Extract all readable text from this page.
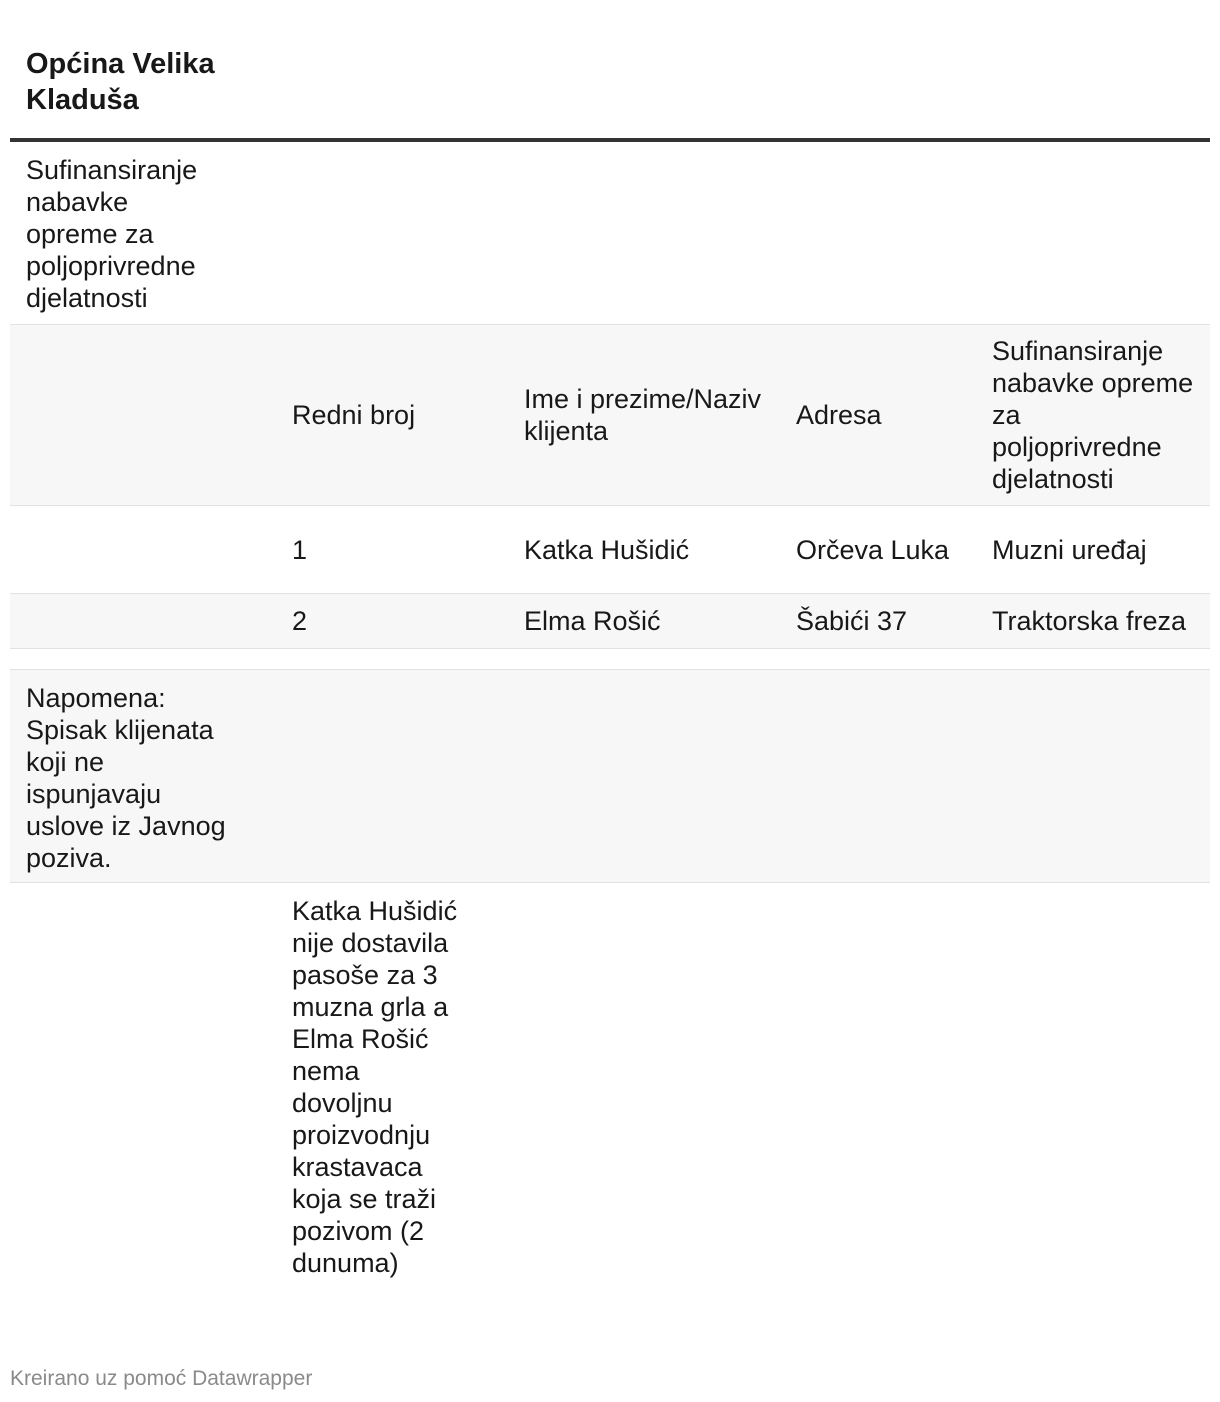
Općina Velika Kladuša				

Sufinansiranje nabavke opreme za poljoprivredne djelatnosti				

	Redni broj	Ime i prezime/Naziv klijenta	Adresa	Sufinansiranje nabavke opreme za poljoprivredne djelatnosti
	1	Katka Hušidić	Orčeva Luka	Muzni uređaj
	2	Elma Rošić	Šabići 37	Traktorska freza

Napomena: Spisak klijenata koji ne ispunjavaju uslove iz Javnog poziva.				

	Katka Hušidić nije dostavila pasoše za 3 muzna grla a Elma Rošić nema dovoljnu proizvodnju krastavaca koja se traži pozivom (2 dunuma)			

Kreirano uz pomoć Datawrapper
